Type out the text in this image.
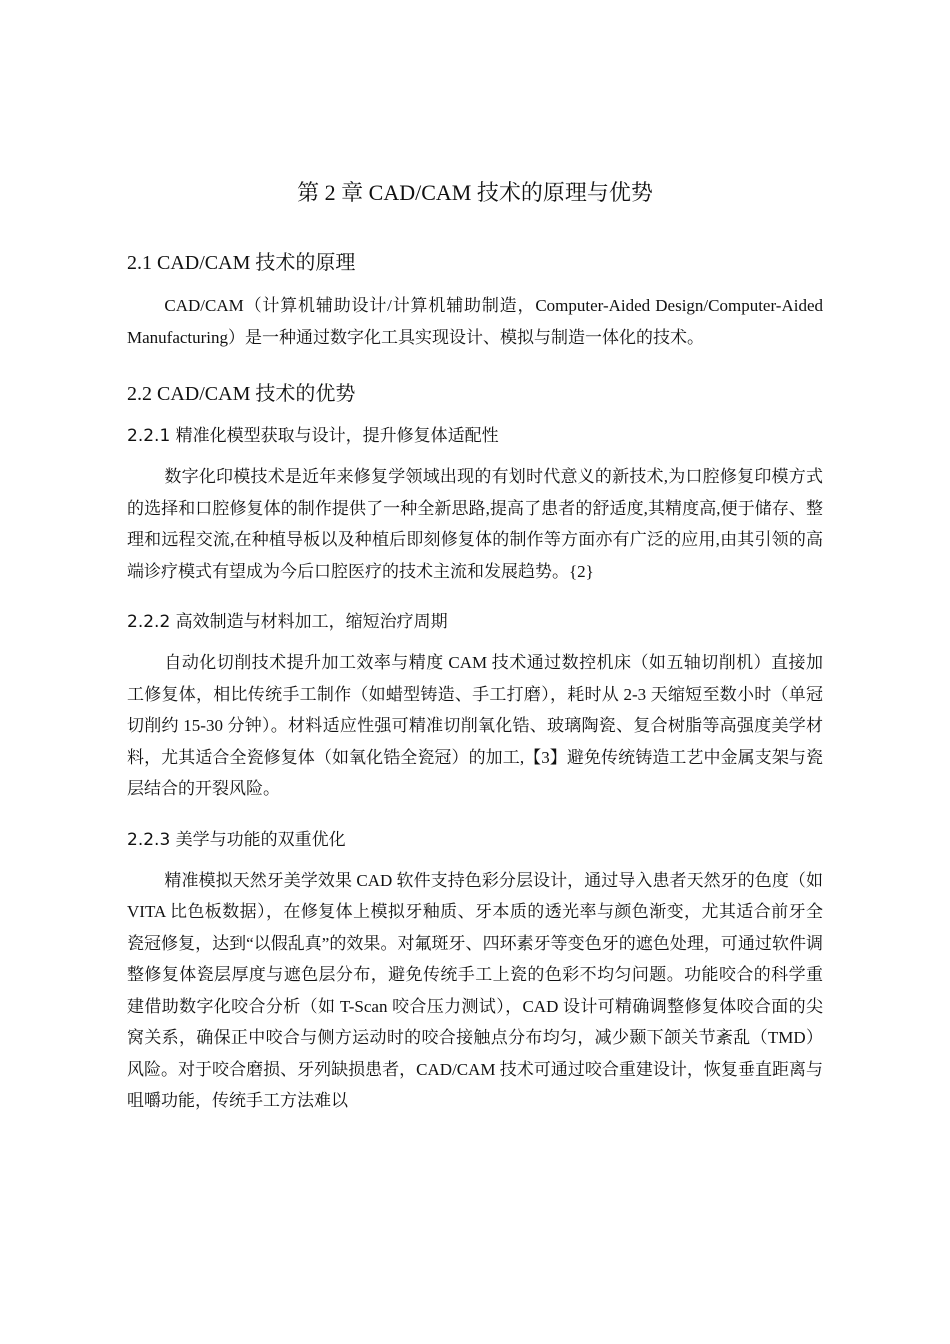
第 2 章 CAD/CAM 技术的原理与优势
2.1 CAD/CAM 技术的原理

CAD/CAM（计算机辅助设计/计算机辅助制造，Computer-Aided Design/Computer-Aided Manufacturing）是一种通过数字化工具实现设计、模拟与制造一体化的技术。

2.2 CAD/CAM 技术的优势
2.2.1 精准化模型获取与设计，提升修复体适配性

数字化印模技术是近年来修复学领域出现的有划时代意义的新技术,为口腔修复印模方式的选择和口腔修复体的制作提供了一种全新思路,提高了患者的舒适度,其精度高,便于储存、整理和远程交流,在种植导板以及种植后即刻修复体的制作等方面亦有广泛的应用,由其引领的高端诊疗模式有望成为今后口腔医疗的技术主流和发展趋势。{2}

2.2.2 高效制造与材料加工，缩短治疗周期

自动化切削技术提升加工效率与精度 CAM 技术通过数控机床（如五轴切削机）直接加工修复体，相比传统手工制作（如蜡型铸造、手工打磨），耗时从 2-3 天缩短至数小时（单冠切削约 15-30 分钟）。材料适应性强可精准切削氧化锆、玻璃陶瓷、复合树脂等高强度美学材料，尤其适合全瓷修复体（如氧化锆全瓷冠）的加工,【3】避免传统铸造工艺中金属支架与瓷层结合的开裂风险。

2.2.3 美学与功能的双重优化

精准模拟天然牙美学效果 CAD 软件支持色彩分层设计，通过导入患者天然牙的色度（如 VITA 比色板数据），在修复体上模拟牙釉质、牙本质的透光率与颜色渐变，尤其适合前牙全瓷冠修复，达到“以假乱真”的效果。对氟斑牙、四环素牙等变色牙的遮色处理，可通过软件调整修复体瓷层厚度与遮色层分布，避免传统手工上瓷的色彩不均匀问题。功能咬合的科学重建借助数字化咬合分析（如 T-Scan 咬合压力测试），CAD 设计可精确调整修复体咬合面的尖窝关系，确保正中咬合与侧方运动时的咬合接触点分布均匀，减少颞下颌关节紊乱（TMD）风险。对于咬合磨损、牙列缺损患者，CAD/CAM 技术可通过咬合重建设计，恢复垂直距离与咀嚼功能，传统手工方法难以
